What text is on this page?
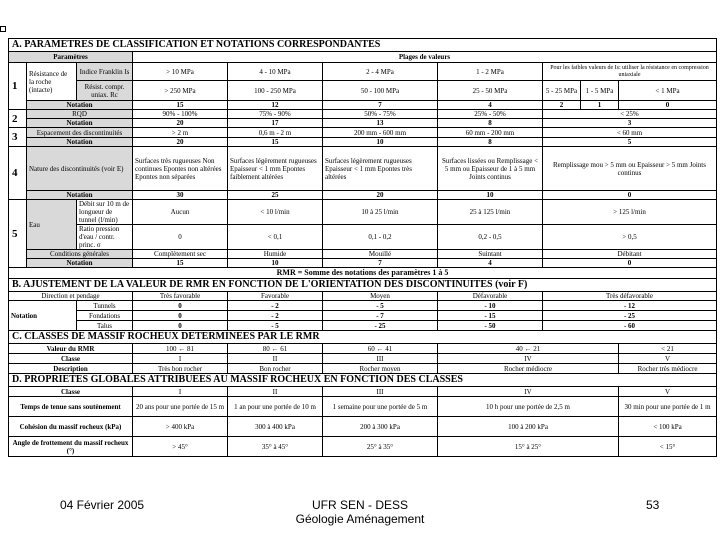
A. PARAMETRES DE CLASSIFICATION ET NOTATIONS CORRESPONDANTES									
Paramètres			Plages de valeurs						
1	Résistance de la roche (intacte)	Indice Franklin Is	> 10 MPa	4 - 10 MPa	2 - 4 MPa	1 - 2 MPa	Pour les faibles valeurs de Is: utiliser la résistance en compression uniaxiale		
		Résist. compr. uniax. Rc	> 250 MPa	100 - 250 MPa	50 - 100 MPa	25 - 50 MPa	5 - 25 MPa	1 - 5 MPa	< 1 MPa
	Notation		15	12	7	4	2	1	0
2	RQD		90% - 100%	75% - 90%	50% - 75%	25% - 50%	< 25%		
	Notation		20	17	13	8	3		
3	Espacement des discontinuités		> 2 m	0,6 m - 2 m	200 mm - 600 mm	60 mm - 200 mm	< 60 mm		
	Notation		20	15	10	8	5		
4	Nature des discontinuités (voir E)		Surfaces très rugueuses Non continues Epontes non altérées Epontes non séparées	Surfaces légèrement rugueuses Epaisseur < 1 mm Epontes faiblement altérées	Surfaces légèrement rugueuses Epaisseur < 1 mm Epontes très altérées	Surfaces lissées ou Remplissage < 5 mm ou Epaisseur de 1 à 5 mm Joints continus	Remplissage mou > 5 mm ou Epaisseur > 5 mm Joints continus		
	Notation		30	25	20	10	0		
5	Eau	Débit sur 10 m de longueur de tunnel (l/min)	Aucun	< 10 l/min	10 à 25 l/min	25 à 125 l/min	> 125 l/min		
		Ratio pression d'eau / contr. princ. σ	0	< 0,1	0,1 - 0,2	0,2 - 0,5	> 0,5		
	Conditions générales		Complètement sec	Humide	Mouillé	Suintant	Débitant		
	Notation		15	10	7	4	0		
RMR = Somme des notations des paramètres 1 à 5									
B. AJUSTEMENT DE LA VALEUR DE RMR EN FONCTION DE L'ORIENTATION DES DISCONTINUITES (voir F)									
Direction et pendage			Très favorable	Favorable	Moyen	Défavorable	Très défavorable		
Notation		Tunnels	0	- 2	- 5	- 10	- 12		
		Fondations	0	- 2	- 7	- 15	- 25		
		Talus	0	- 5	- 25	- 50	- 60		
C. CLASSES DE MASSIF ROCHEUX DETERMINEES PAR LE RMR									
Valeur du RMR			100 ← 81	80 ← 61	60 ← 41	40 ← 21			< 21
Classe			I	II	III	IV			V
Description			Très bon rocher	Bon rocher	Rocher moyen	Rocher médiocre			Rocher très médiocre
D. PROPRIETES GLOBALES ATTRIBUEES AU MASSIF ROCHEUX EN FONCTION DES CLASSES									
Classe			I	II	III	IV			V
Temps de tenue sans soutènement			20 ans pour une portée de 15 m	1 an pour une portée de 10 m	1 semaine pour une portée de 5 m	10 h pour une portée de 2,5 m			30 min pour une portée de 1 m
Cohésion du massif rocheux (kPa)			> 400 kPa	300 à 400 kPa	200 à 300 kPa	100 à 200 kPa			< 100 kPa
Angle de frottement du massif rocheux (°)			> 45°	35° à 45°	25° à 35°	15° à 25°			< 15°
04 Février 2005	UFR SEN - DESS
Géologie Aménagement
53
